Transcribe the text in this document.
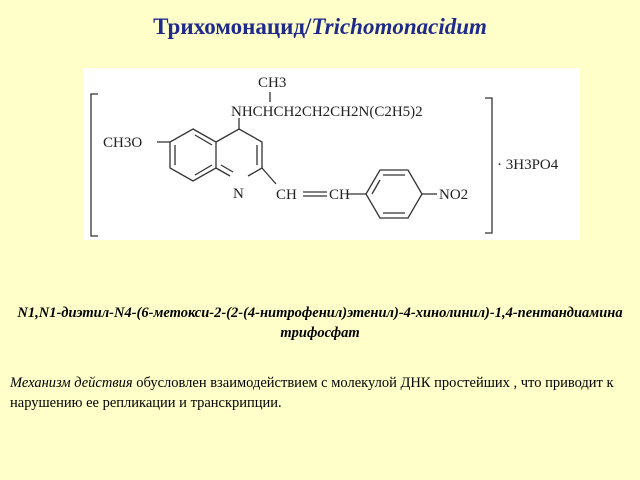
Трихомонацид/Trichomonacidum
CH3
NHCHCH2CH2CH2N(C2H5)2
CH3O
N CH CH	NO2
· 3H3PO4
N1,N1-диэтил-N4-(6-метокси-2-(2-(4-нитрофенил)этенил)-4-хинолинил)-1,4-пентандиамина трифосфат
Механизм действия обусловлен взаимодействием с молекулой ДНК простейших , что приводит к нарушению ее репликации и транскрипции.
